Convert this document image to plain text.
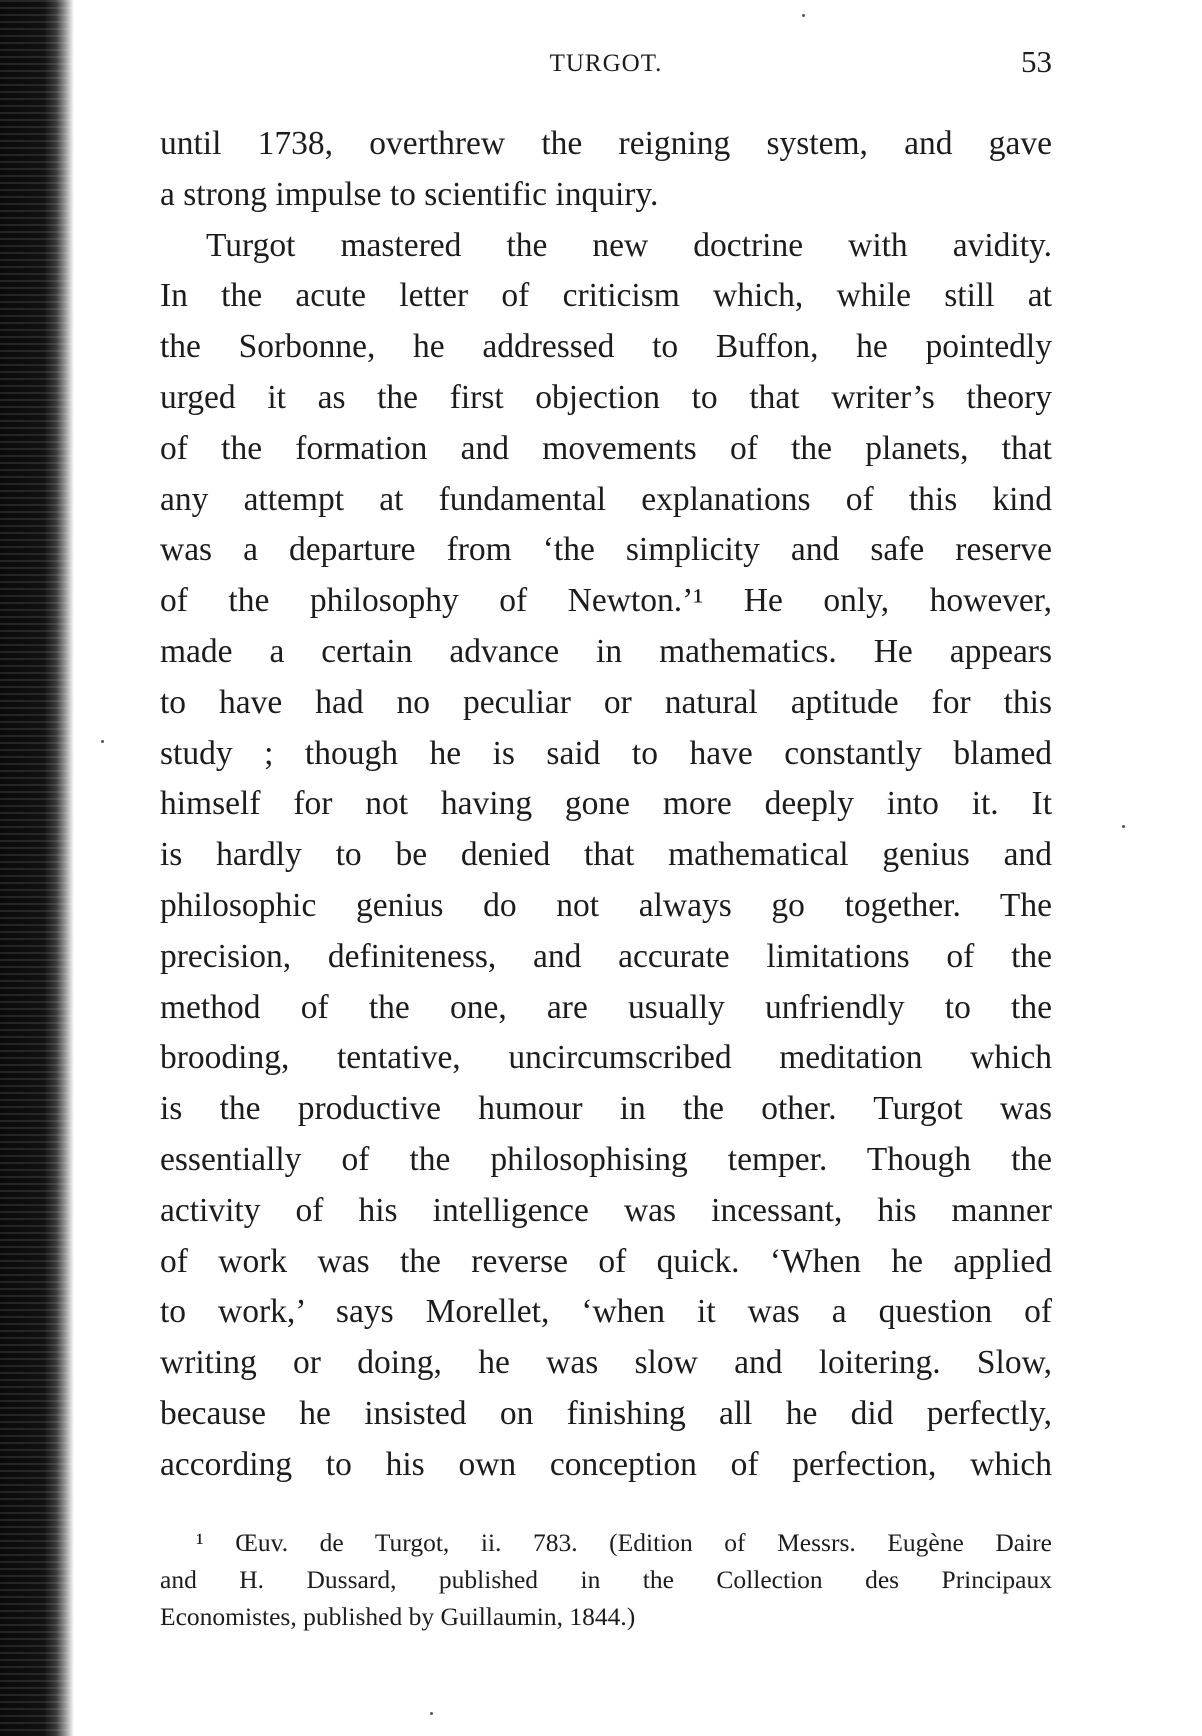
TURGOT.	53
until 1738, overthrew the reigning system, and gave
a strong impulse to scientific inquiry.
Turgot mastered the new doctrine with avidity.
In the acute letter of criticism which, while still at
the Sorbonne, he addressed to Buffon, he pointedly
urged it as the first objection to that writer’s theory
of the formation and movements of the planets, that
any attempt at fundamental explanations of this kind
was a departure from ‘the simplicity and safe reserve
of the philosophy of Newton.’¹ He only, however,
made a certain advance in mathematics. He appears
to have had no peculiar or natural aptitude for this
study ; though he is said to have constantly blamed
himself for not having gone more deeply into it. It
is hardly to be denied that mathematical genius and
philosophic genius do not always go together. The
precision, definiteness, and accurate limitations of the
method of the one, are usually unfriendly to the
brooding, tentative, uncircumscribed meditation which
is the productive humour in the other. Turgot was
essentially of the philosophising temper. Though the
activity of his intelligence was incessant, his manner
of work was the reverse of quick. ‘When he applied
to work,’ says Morellet, ‘when it was a question of
writing or doing, he was slow and loitering. Slow,
because he insisted on finishing all he did perfectly,
according to his own conception of perfection, which
¹ Œuv. de Turgot, ii. 783. (Edition of Messrs. Eugène Daire
and H. Dussard, published in the Collection des Principaux
Economistes, published by Guillaumin, 1844.)
